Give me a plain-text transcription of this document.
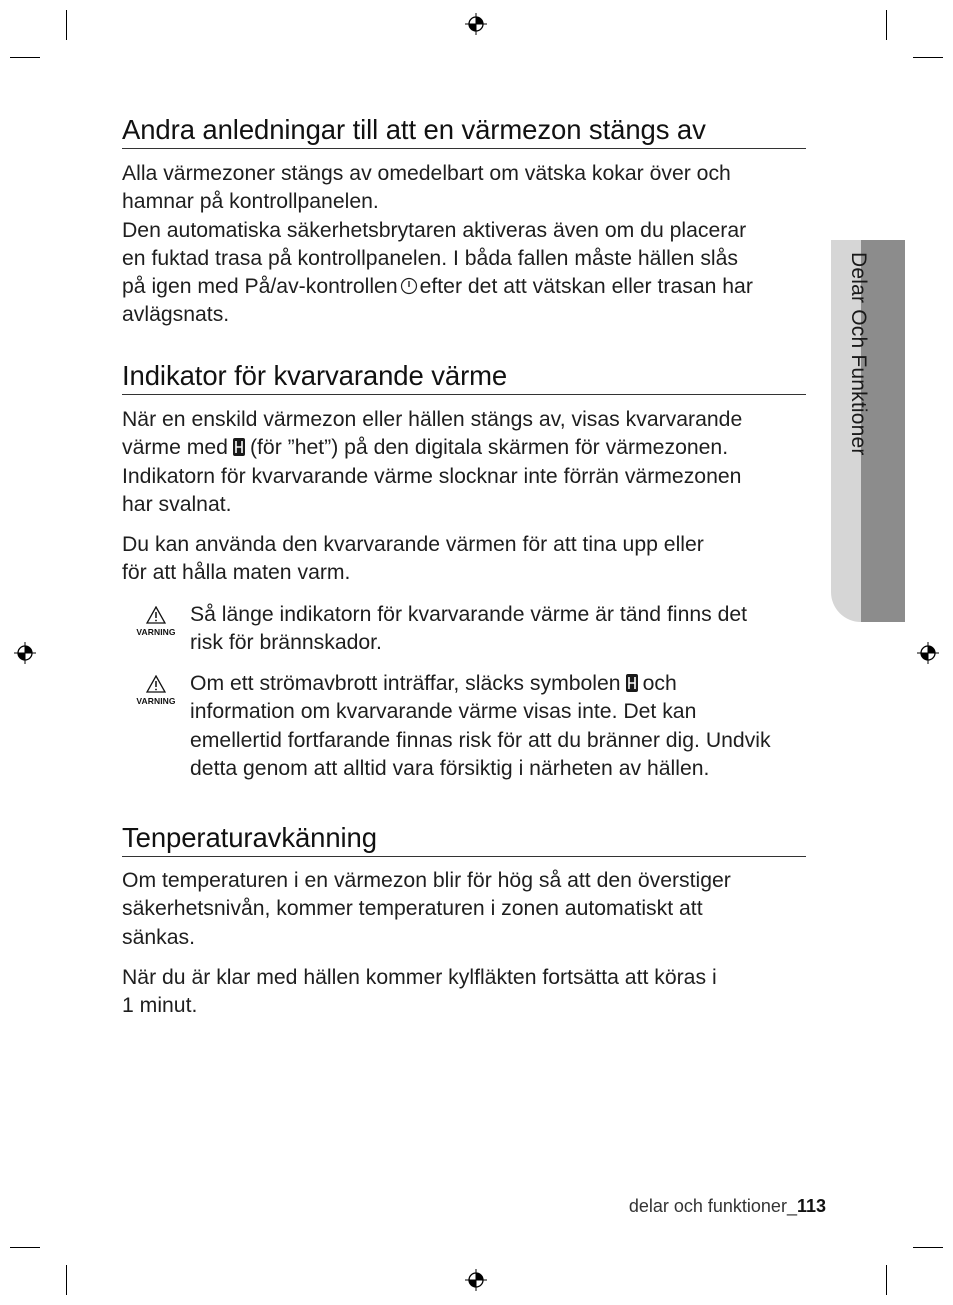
Delar Och Funktioner
Andra anledningar till att en värmezon stängs av

Alla värmezoner stängs av omedelbart om vätska kokar över och

hamnar på kontrollpanelen.

Den automatiska säkerhetsbrytaren aktiveras även om du placerar

en fuktad trasa på kontrollpanelen. I båda fallen måste hällen slås

på igen med På/av-kontrollen efter det att vätskan eller trasan har

avlägsnats.

Indikator för kvarvarande värme

När en enskild värmezon eller hällen stängs av, visas kvarvarande

värme med (för ”het”) på den digitala skärmen för värmezonen.

Indikatorn för kvarvarande värme slocknar inte förrän värmezonen

har svalnat.

Du kan använda den kvarvarande värmen för att tina upp eller

för att hålla maten varm.

VARNING

Så länge indikatorn för kvarvarande värme är tänd finns det

risk för brännskador.

VARNING

Om ett strömavbrott inträffar, släcks symbolen och

information om kvarvarande värme visas inte. Det kan

emellertid fortfarande finnas risk för att du bränner dig. Undvik

detta genom att alltid vara försiktig i närheten av hällen.

Tenperaturavkänning

Om temperaturen i en värmezon blir för hög så att den överstiger

säkerhetsnivån, kommer temperaturen i zonen automatiskt att

sänkas.

När du är klar med hällen kommer kylfläkten fortsätta att köras i

1 minut.

delar och funktioner_113
